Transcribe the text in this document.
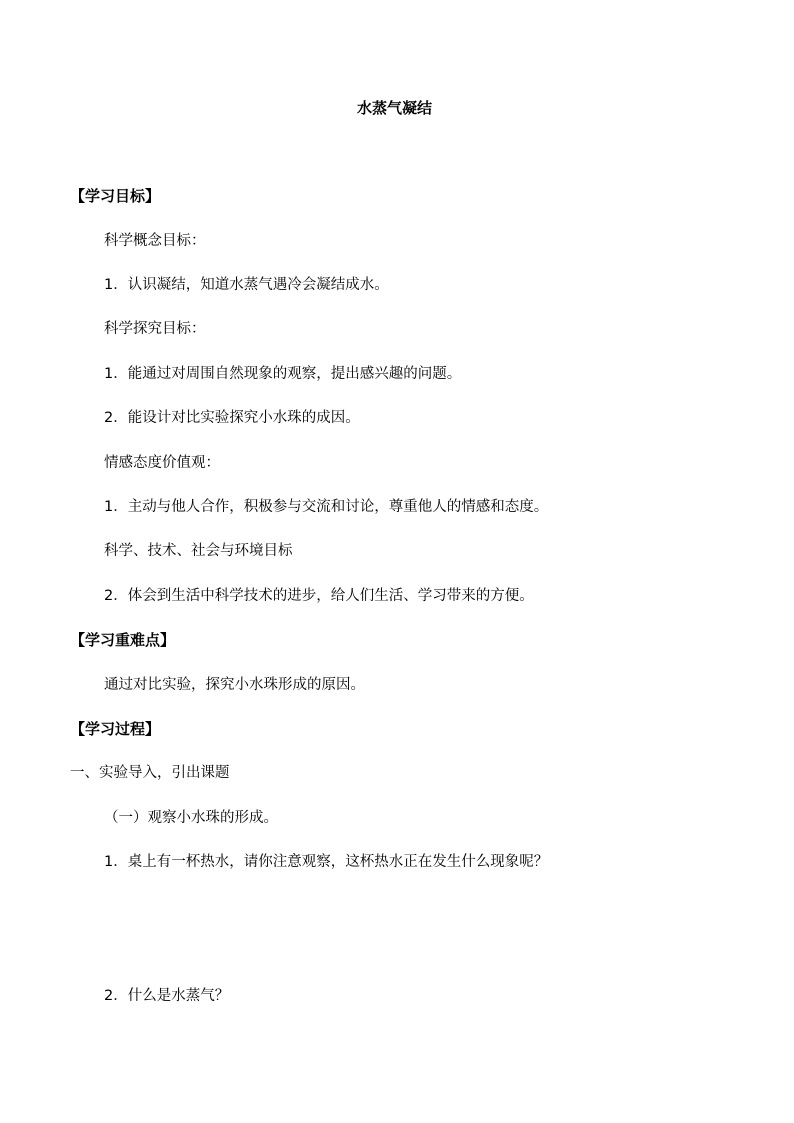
水蒸气凝结
【学习目标】
科学概念目标：
1．认识凝结，知道水蒸气遇冷会凝结成水。
科学探究目标：
1．能通过对周围自然现象的观察，提出感兴趣的问题。
2．能设计对比实验探究小水珠的成因。
情感态度价值观：
1．主动与他人合作，积极参与交流和讨论，尊重他人的情感和态度。
科学、技术、社会与环境目标
2．体会到生活中科学技术的进步，给人们生活、学习带来的方便。
【学习重难点】
通过对比实验，探究小水珠形成的原因。
【学习过程】
一、实验导入，引出课题
（一）观察小水珠的形成。
1．桌上有一杯热水，请你注意观察，这杯热水正在发生什么现象呢？
2．什么是水蒸气？
